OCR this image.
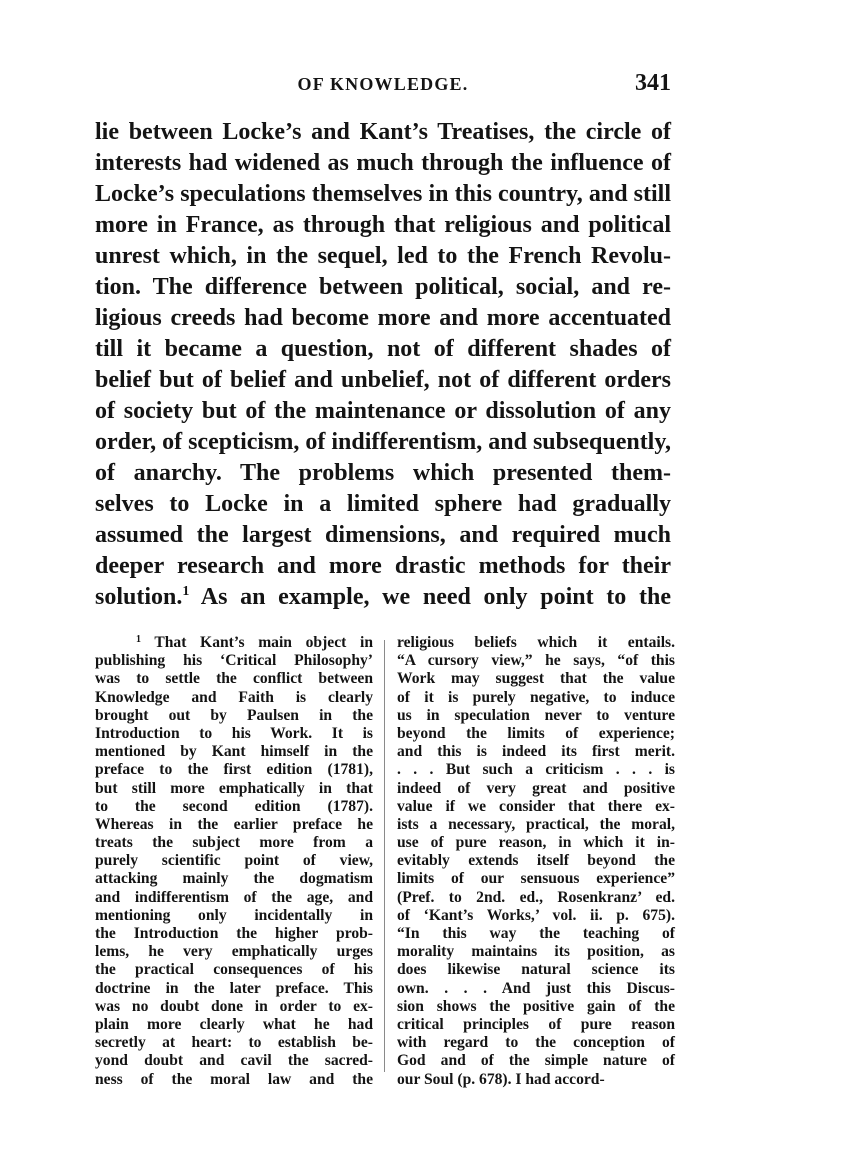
OF KNOWLEDGE.	341
lie between Locke’s and Kant’s Treatises, the circle of
interests had widened as much through the influence of
Locke’s speculations themselves in this country, and still
more in France, as through that religious and political
unrest which, in the sequel, led to the French Revolu-
tion. The difference between political, social, and re-
ligious creeds had become more and more accentuated
till it became a question, not of different shades of
belief but of belief and unbelief, not of different orders
of society but of the maintenance or dissolution of any
order, of scepticism, of indifferentism, and subsequently,
of anarchy. The problems which presented them-
selves to Locke in a limited sphere had gradually
assumed the largest dimensions, and required much
deeper research and more drastic methods for their
solution.$^1$ As an example, we need only point to the
$^1$ That Kant’s main object in
publishing his ‘Critical Philosophy’
was to settle the conflict between
Knowledge and Faith is clearly
brought out by Paulsen in the
Introduction to his Work. It is
mentioned by Kant himself in the
preface to the first edition (1781),
but still more emphatically in that
to the second edition (1787).
Whereas in the earlier preface he
treats the subject more from a
purely scientific point of view,
attacking mainly the dogmatism
and indifferentism of the age, and
mentioning only incidentally in
the Introduction the higher prob-
lems, he very emphatically urges
the practical consequences of his
doctrine in the later preface. This
was no doubt done in order to ex-
plain more clearly what he had
secretly at heart: to establish be-
yond doubt and cavil the sacred-
ness of the moral law and the
religious beliefs which it entails.
“A cursory view,” he says, “of this
Work may suggest that the value
of it is purely negative, to induce
us in speculation never to venture
beyond the limits of experience;
and this is indeed its first merit.
. . . But such a criticism . . . is
indeed of very great and positive
value if we consider that there ex-
ists a necessary, practical, the moral,
use of pure reason, in which it in-
evitably extends itself beyond the
limits of our sensuous experience”
(Pref. to 2nd. ed., Rosenkranz’ ed.
of ‘Kant’s Works,’ vol. ii. p. 675).
“In this way the teaching of
morality maintains its position, as
does likewise natural science its
own. . . . And just this Discus-
sion shows the positive gain of the
critical principles of pure reason
with regard to the conception of
God and of the simple nature of
our Soul (p. 678). I had accord-
